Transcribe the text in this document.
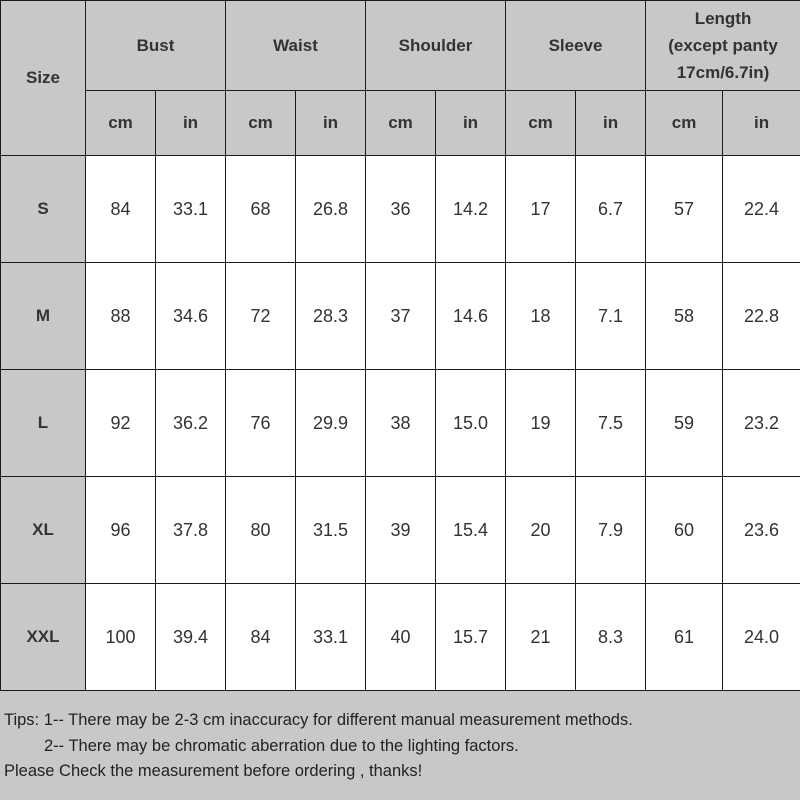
Size	Bust		Waist		Shoulder		Sleeve		Length
(except panty
17cm/6.7in)	

	cm	in	cm	in	cm	in	cm	in	cm	in
S	84	33.1	68	26.8	36	14.2	17	6.7	57	22.4
M	88	34.6	72	28.3	37	14.6	18	7.1	58	22.8
L	92	36.2	76	29.9	38	15.0	19	7.5	59	23.2
XL	96	37.8	80	31.5	39	15.4	20	7.9	60	23.6
XXL	100	39.4	84	33.1	40	15.7	21	8.3	61	24.0
Tips: 1-- There may be 2-3 cm inaccuracy for different manual measurement methods.
2-- There may be chromatic aberration due to the lighting factors.
Please Check the measurement before ordering , thanks!
